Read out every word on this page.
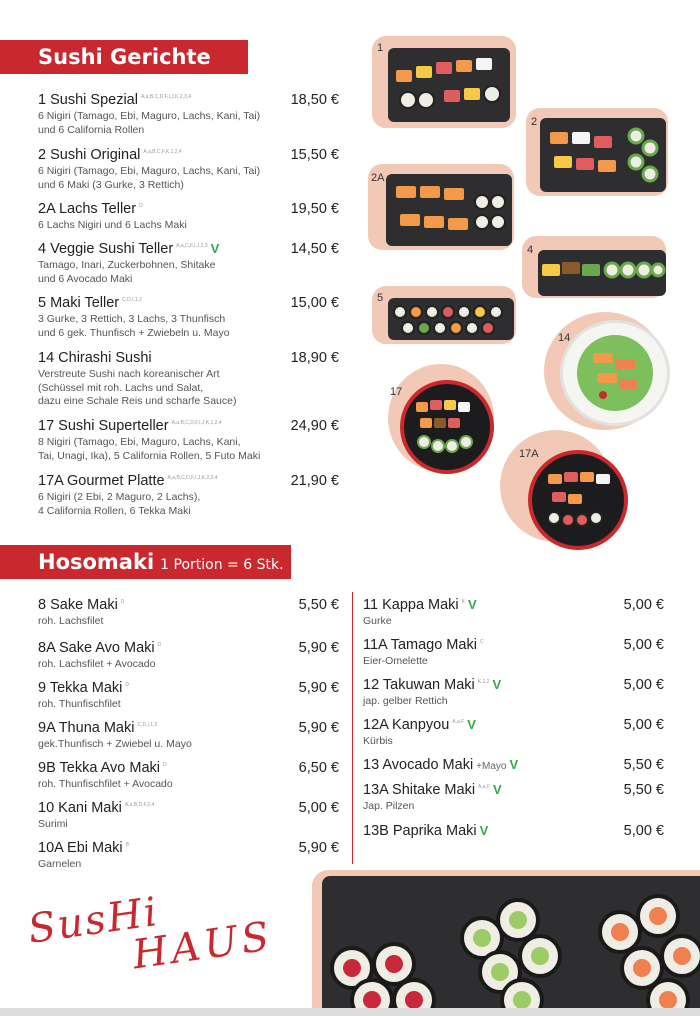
Sushi Gerichte
1 Sushi Spezial $^{A,a,B,C,D,F,I,J,K,2,3,4}$
6 Nigiri (Tamago, Ebi, Maguro, Lachs, Kani, Tai)
und 6 California Rollen
18,50 €
2 Sushi Original $^{A,a,B,C,F,K,1,2,4}$
6 Nigiri (Tamago, Ebi, Maguro, Lachs, Kani, Tai)
und 6 Maki (3 Gurke, 3 Rettich)
15,50 €
2A Lachs Teller $^D$
6 Lachs Nigiri und 6 Lachs Maki
19,50 €
4 Veggie Sushi Teller $^{A,a,C,F,I,J,2,3}$ V
Tamago, Inari, Zuckerbohnen, Shitake
und 6 Avocado Maki
14,50 €
5 Maki Teller $^{C,D,I,1,2}$
3 Gurke, 3 Rettich, 3 Lachs, 3 Thunfisch
und 6 gek. Thunfisch + Zwiebeln u. Mayo
15,00 €
14 Chirashi Sushi
Verstreute Sushi nach koreanischer Art
(Schüssel mit roh. Lachs und Salat,
dazu eine Schale Reis und scharfe Sauce)
18,90 €
17 Sushi Superteller $^{A,a,B,C,D,F,I,J,K,1,2,4}$
8 Nigiri (Tamago, Ebi, Maguro, Lachs, Kani,
Tai, Unagi, Ika), 5 California Rollen, 5 Futo Maki
24,90 €
17A Gourmet Platte $^{A,a,B,C,D,F,I,J,K,2,3,4}$
6 Nigiri (2 Ebi, 2 Maguro, 2 Lachs),
4 California Rollen, 6 Tekka Maki
21,90 €
1
2
2A
4
5
14
17
17A
Hosomaki 1 Portion = 6 Stk.
8 Sake Maki $^D$
roh. Lachsfilet
5,50 €
8A Sake Avo Maki $^D$
roh. Lachsfilet + Avocado
5,90 €
9 Tekka Maki $^D$
roh. Thunfischfilet
5,90 €
9A Thuna Maki $^{C,D,I,1,3}$
gek.Thunfisch + Zwiebel u. Mayo
5,90 €
9B Tekka Avo Maki $^D$
roh. Thunfischfilet + Avocado
6,50 €
10 Kani Maki $^{A,a,B,D,F,2,4}$
Surimi
5,00 €
10A Ebi Maki $^B$
Garnelen
5,90 €
11 Kappa Maki $^K$ V
Gurke
5,00 €
11A Tamago Maki $^C$
Eier-Omelette
5,00 €
12 Takuwan Maki $^{K,1,2}$ V
jap. gelber Rettich
5,00 €
12A Kanpyou $^{A,a,F}$ V
Kürbis
5,00 €
13 Avocado Maki +Mayo V	5,50 €
13A Shitake Maki $^{A,a,F}$ V
Jap. Pilzen
5,50 €
13B Paprika Maki V	5,00 €
SusHi
HAUS
